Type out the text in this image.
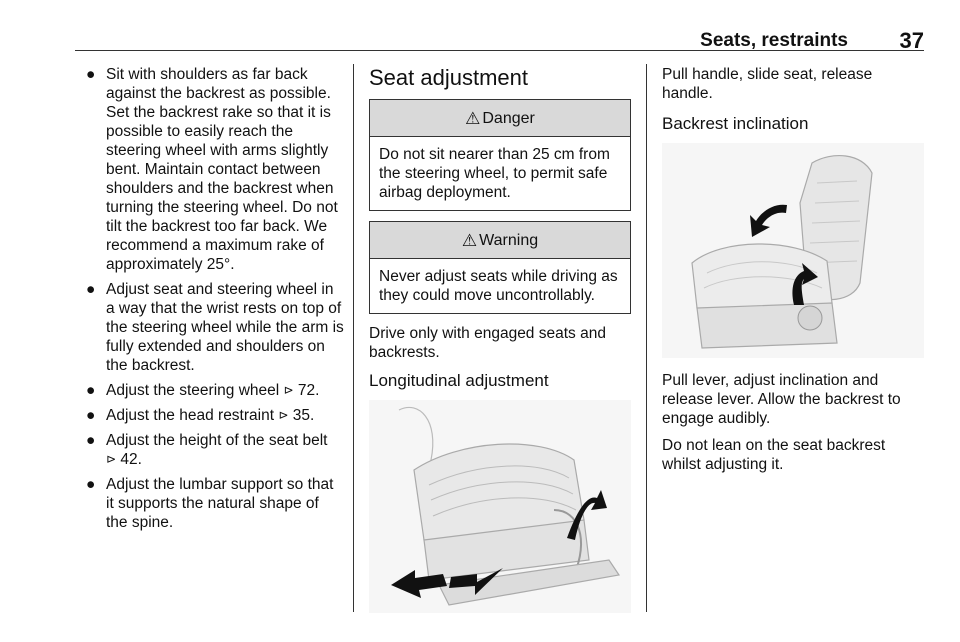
Seats, restraints 37
● Sit with shoulders as far back against the backrest as possible. Set the backrest rake so that it is possible to easily reach the steering wheel with arms slightly bent. Maintain contact between shoulders and the backrest when turning the steering wheel. Do not tilt the backrest too far back. We recommend a maximum rake of approximately 25°.
● Adjust seat and steering wheel in a way that the wrist rests on top of the steering wheel while the arm is fully extended and shoulders on the backrest.
● Adjust the steering wheel ⊳ 72.
● Adjust the head restraint ⊳ 35.
● Adjust the height of the seat belt
⊳ 42.
● Adjust the lumbar support so that it supports the natural shape of the spine.
Seat adjustment
⚠ Danger
Do not sit nearer than 25 cm from the steering wheel, to permit safe airbag deployment.
⚠ Warning
Never adjust seats while driving as they could move uncontrollably.

Drive only with engaged seats and backrests.

Longitudinal adjustment

Pull handle, slide seat, release handle.

Backrest inclination

Pull lever, adjust inclination and release lever. Allow the backrest to engage audibly.

Do not lean on the seat backrest whilst adjusting it.
